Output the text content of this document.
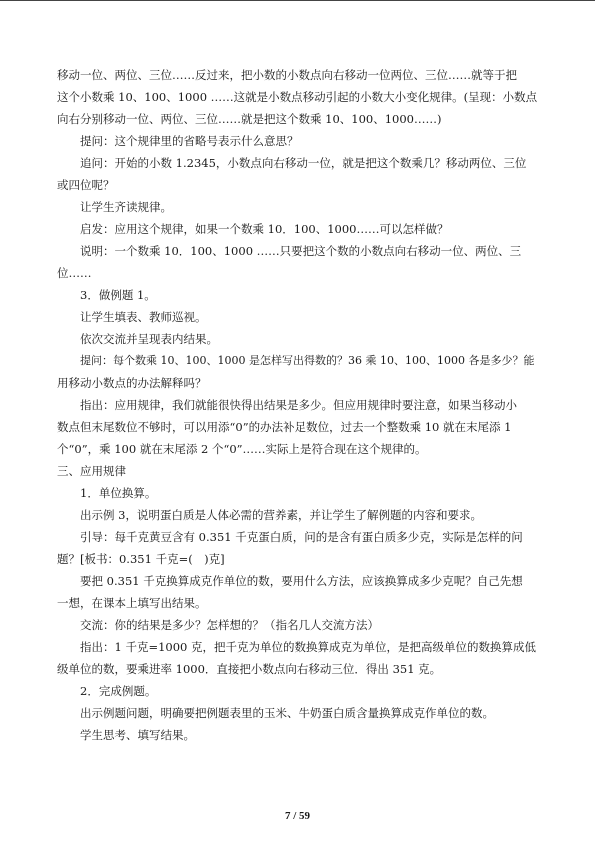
移动一位、两位、三位……反过来，把小数的小数点向右移动一位两位、三位……就等于把

这个小数乘 10、100、1000 ……这就是小数点移动引起的小数大小变化规律。(呈现：小数点

向右分别移动一位、两位、三位……就是把这个数乘 10、100、1000……)

提问：这个规律里的省略号表示什么意思？

追问：开始的小数 1.2345，小数点向右移动一位，就是把这个数乘几？移动两位、三位

或四位呢？

让学生齐读规律。

启发：应用这个规律，如果一个数乘 10．100、1000……可以怎样做？

说明：一个数乘 10．100、1000 ……只要把这个数的小数点向右移动一位、两位、三

位……

3．做例题 1。

让学生填表、教师巡视。

依次交流并呈现表内结果。

提问：每个数乘 10、100、1000 是怎样写出得数的？36 乘 10、100、1000 各是多少？能

用移动小数点的办法解释吗？

指出：应用规律，我们就能很快得出结果是多少。但应用规律时要注意，如果当移动小

数点但末尾数位不够时，可以用添“0”的办法补足数位，过去一个整数乘 10 就在末尾添 1

个“0”，乘 100 就在末尾添 2 个“0”……实际上是符合现在这个规律的。

三、应用规律

1．单位换算。

出示例 3，说明蛋白质是人体必需的营养素，并让学生了解例题的内容和要求。

引导：每千克黄豆含有 0.351 千克蛋白质，问的是含有蛋白质多少克，实际是怎样的问

题？[板书：0.351 千克=(　)克]

要把 0.351 千克换算成克作单位的数，要用什么方法，应该换算成多少克呢？自己先想

一想，在课本上填写出结果。

交流：你的结果是多少？怎样想的？（指名几人交流方法）

指出：1 千克=1000 克，把千克为单位的数换算成克为单位，是把高级单位的数换算成低

级单位的数，要乘进率 1000．直接把小数点向右移动三位．得出 351 克。

2．完成例题。

出示例题问题，明确要把例题表里的玉米、牛奶蛋白质含量换算成克作单位的数。

学生思考、填写结果。

7 / 59
